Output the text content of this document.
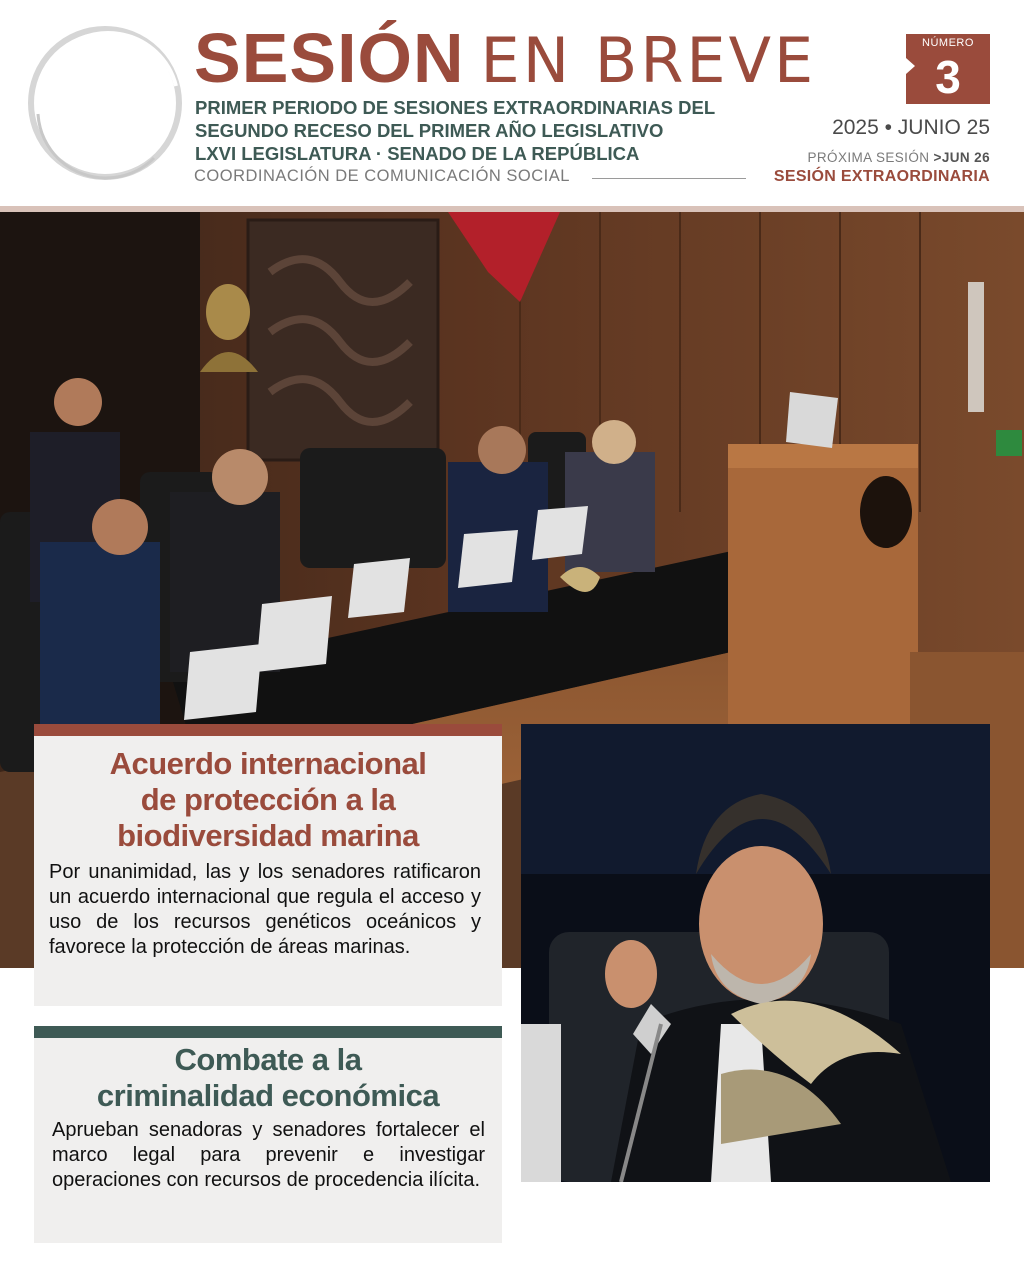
SESIÓN EN BREVE
PRIMER PERIODO DE SESIONES EXTRAORDINARIAS DEL
SEGUNDO RECESO DEL PRIMER AÑO LEGISLATIVO
LXVI LEGISLATURA · SENADO DE LA REPÚBLICA
COORDINACIÓN DE COMUNICACIÓN SOCIAL
NÚMERO
3
2025 • JUNIO 25
PRÓXIMA SESIÓN >JUN 26
SESIÓN EXTRAORDINARIA
Acuerdo internacional
de protección a la
biodiversidad marina
Por unanimidad, las y los senadores ratificaron un acuerdo internacional que regula el acceso y uso de los recursos genéticos oceánicos y favorece la protección de áreas marinas.
Combate a la
criminalidad económica
Aprueban senadoras y senadores fortalecer el marco legal para prevenir e investigar operaciones con recursos de procedencia ilícita.
